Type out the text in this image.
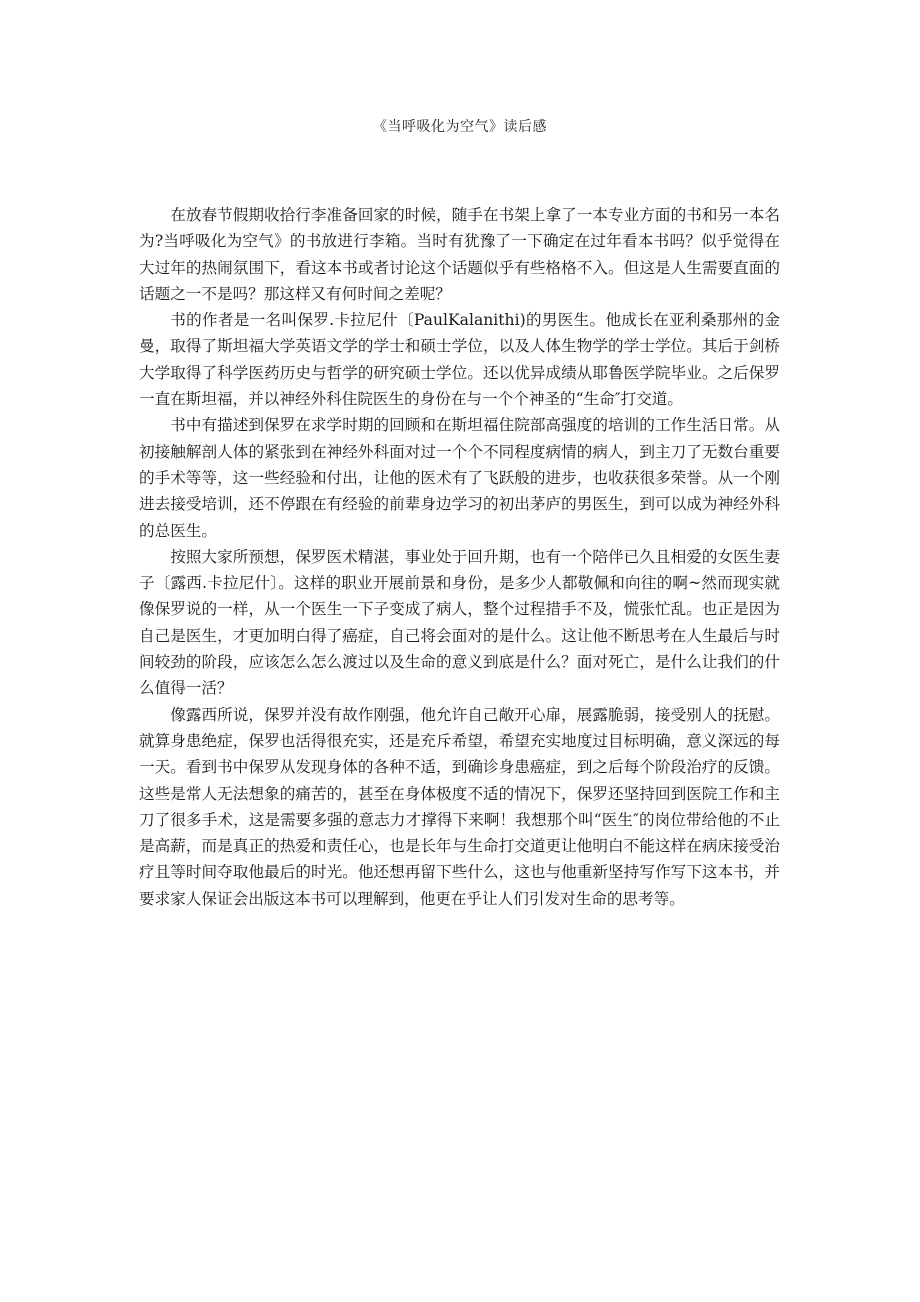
《当呼吸化为空气》读后感

在放春节假期收拾行李准备回家的时候，随手在书架上拿了一本专业方面的书和另一本名为?当呼吸化为空气》的书放进行李箱。当时有犹豫了一下确定在过年看本书吗？似乎觉得在大过年的热闹氛围下，看这本书或者讨论这个话题似乎有些格格不入。但这是人生需要直面的话题之一不是吗？那这样又有何时间之差呢？

书的作者是一名叫保罗.卡拉尼什〔PaulKalanithi)的男医生。他成长在亚利桑那州的金曼，取得了斯坦福大学英语文学的学士和硕士学位，以及人体生物学的学士学位。其后于剑桥大学取得了科学医药历史与哲学的研究硕士学位。还以优异成绩从耶鲁医学院毕业。之后保罗一直在斯坦福，并以神经外科住院医生的身份在与一个个神圣的“生命″打交道。

书中有描述到保罗在求学时期的回顾和在斯坦福住院部高强度的培训的工作生活日常。从初接触解剖人体的紧张到在神经外科面对过一个个不同程度病情的病人，到主刀了无数台重要的手术等等，这一些经验和付出，让他的医术有了飞跃般的进步，也收获很多荣誉。从一个刚进去接受培训，还不停跟在有经验的前辈身边学习的初出茅庐的男医生，到可以成为神经外科的总医生。

按照大家所预想，保罗医术精湛，事业处于回升期，也有一个陪伴已久且相爱的女医生妻子〔露西.卡拉尼什〕。这样的职业开展前景和身份，是多少人都敬佩和向往的啊~然而现实就像保罗说的一样，从一个医生一下子变成了病人，整个过程措手不及，慌张忙乱。也正是因为自己是医生，才更加明白得了癌症，自己将会面对的是什么。这让他不断思考在人生最后与时间较劲的阶段，应该怎么怎么渡过以及生命的意义到底是什么？面对死亡，是什么让我们的什么值得一活？

像露西所说，保罗并没有故作刚强，他允许自己敞开心扉，展露脆弱，接受别人的抚慰。就算身患绝症，保罗也活得很充实，还是充斥希望，希望充实地度过目标明确，意义深远的每一天。看到书中保罗从发现身体的各种不适，到确诊身患癌症，到之后每个阶段治疗的反馈。这些是常人无法想象的痛苦的，甚至在身体极度不适的情况下，保罗还坚持回到医院工作和主刀了很多手术，这是需要多强的意志力才撑得下来啊！我想那个叫“医生″的岗位带给他的不止是高薪，而是真正的热爱和责任心，也是长年与生命打交道更让他明白不能这样在病床接受治疗且等时间夺取他最后的时光。他还想再留下些什么，这也与他重新坚持写作写下这本书，并要求家人保证会出版这本书可以理解到，他更在乎让人们引发对生命的思考等。
